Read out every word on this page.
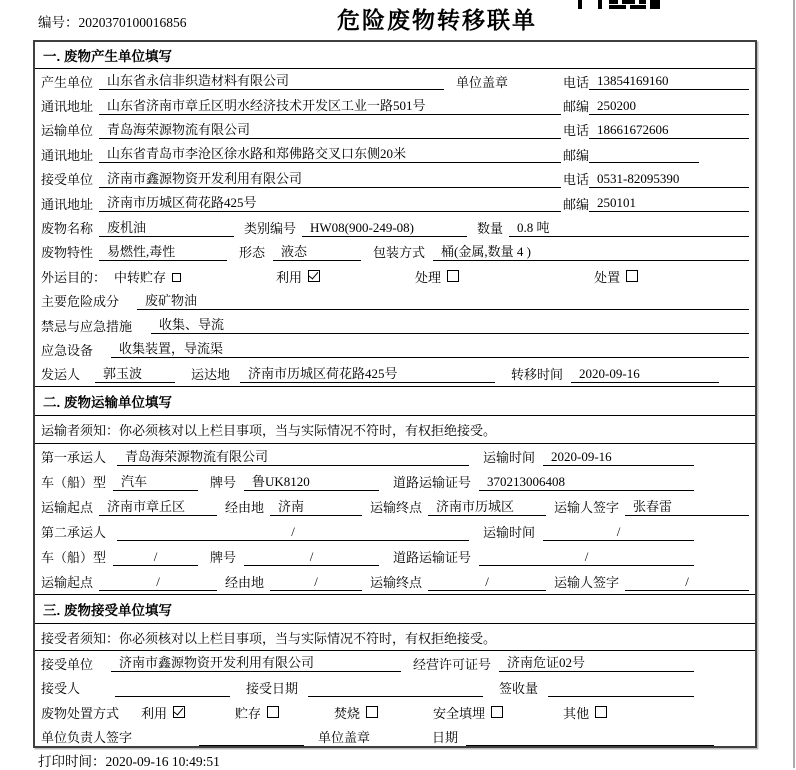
编号：2020370100016856	危险废物转移联单
一. 废物产生单位填写
产生单位	山东省永信非织造材料有限公司	单位盖章	电话 13854169160
通讯地址	山东省济南市章丘区明水经济技术开发区工业一路501号	邮编 250200
运输单位	青岛海荣源物流有限公司	电话 18661672606
通讯地址	山东省青岛市李沧区徐水路和郑佛路交叉口东侧20米	邮编
接受单位	济南市鑫源物资开发利用有限公司	电话 0531-82095390
通讯地址	济南市历城区荷花路425号	邮编 250101
废物名称	废机油	类别编号	HW08(900-249-08)	数量	0.8 吨
废物特性	易燃性,毒性	形态	液态	包装方式	桶(金属,数量 4 )
外运目的： 中转贮存	利用	处理	处置
主要危险成分	废矿物油
禁忌与应急措施	收集、导流
应急设备	收集装置，导流渠
发运人	郭玉波	运达地	济南市历城区荷花路425号	转移时间	2020-09-16
二. 废物运输单位填写
运输者须知： 你必须核对以上栏目事项，当与实际情况不符时，有权拒绝接受。
第一承运人	青岛海荣源物流有限公司	运输时间	2020-09-16
车（船）型	汽车	牌号	鲁UK8120	道路运输证号	370213006408
运输起点	济南市章丘区	经由地	济南	运输终点	济南市历城区	运输人签字	张春雷
第二承运人	/	运输时间	/
车（船）型	/	牌号	/	道路运输证号	/
运输起点	/	经由地	/	运输终点	/	运输人签字	/
三. 废物接受单位填写
接受者须知： 你必须核对以上栏目事项，当与实际情况不符时，有权拒绝接受。
接受单位	济南市鑫源物资开发利用有限公司	经营许可证号	济南危证02号
接受人	接受日期	签收量
废物处置方式	利用	贮存	焚烧	安全填埋	其他
单位负责人签字	单位盖章	日期
打印时间：2020-09-16 10:49:51
